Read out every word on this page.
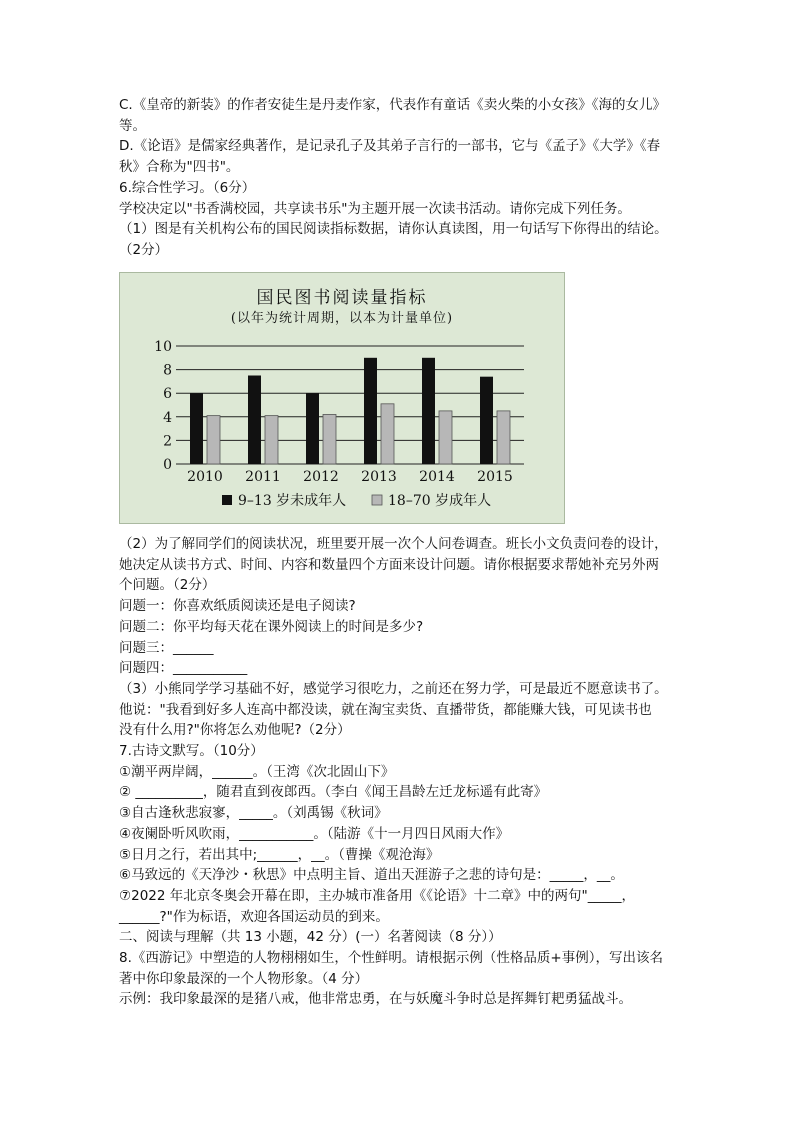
C.《皇帝的新装》的作者安徒生是丹麦作家，代表作有童话《卖火柴的小女孩》《海的女儿》
等。
D.《论语》是儒家经典著作，是记录孔子及其弟子言行的一部书，它与《孟子》《大学》《春
秋》合称为"四书"。
6.综合性学习。（6分）
学校决定以"书香满校园，共享读书乐"为主题开展一次读书活动。请你完成下列任务。
（1）图是有关机构公布的国民阅读指标数据，请你认真读图，用一句话写下你得出的结论。
（2分）
国民图书阅读量指标
(以年为统计周期，以本为计量单位)
0
2
4
6
8
10
2010 2011 2012 2013 2014 2015
9–13 岁未成年人	18–70 岁成年人
（2）为了解同学们的阅读状况，班里要开展一次个人问卷调查。班长小文负责问卷的设计，
她决定从读书方式、时间、内容和数量四个方面来设计问题。请你根据要求帮她补充另外两
个问题。（2分）
问题一：你喜欢纸质阅读还是电子阅读?
问题二：你平均每天花在课外阅读上的时间是多少?
问题三：______
问题四：___________
（3）小熊同学学习基础不好，感觉学习很吃力，之前还在努力学，可是最近不愿意读书了。
他说："我看到好多人连高中都没读，就在淘宝卖货、直播带货，都能赚大钱，可见读书也
没有什么用?"你将怎么劝他呢?（2分）
7.古诗文默写。（10分）
①潮平两岸阔，______。（王湾《次北固山下》
② __________，随君直到夜郎西。（李白《闻王昌龄左迁龙标遥有此寄》
③自古逢秋悲寂寥，_____。（刘禹锡《秋词》
④夜阑卧听风吹雨，___________。（陆游《十一月四日风雨大作》
⑤日月之行，若出其中;______，__。（曹操《观沧海》
⑥马致远的《天净沙・秋思》中点明主旨、道出天涯游子之悲的诗句是：_____，__。
⑦2022 年北京冬奥会开幕在即，主办城市准备用《《论语》十二章》中的两句"_____，
______?"作为标语，欢迎各国运动员的到来。
二、阅读与理解（共 13 小题，42 分）(一）名著阅读（8 分））
8.《西游记》中塑造的人物栩栩如生，个性鲜明。请根据示例（性格品质+事例），写出该名
著中你印象最深的一个人物形象。（4 分）
示例：我印象最深的是猪八戒，他非常忠勇，在与妖魔斗争时总是挥舞钉耙勇猛战斗。
